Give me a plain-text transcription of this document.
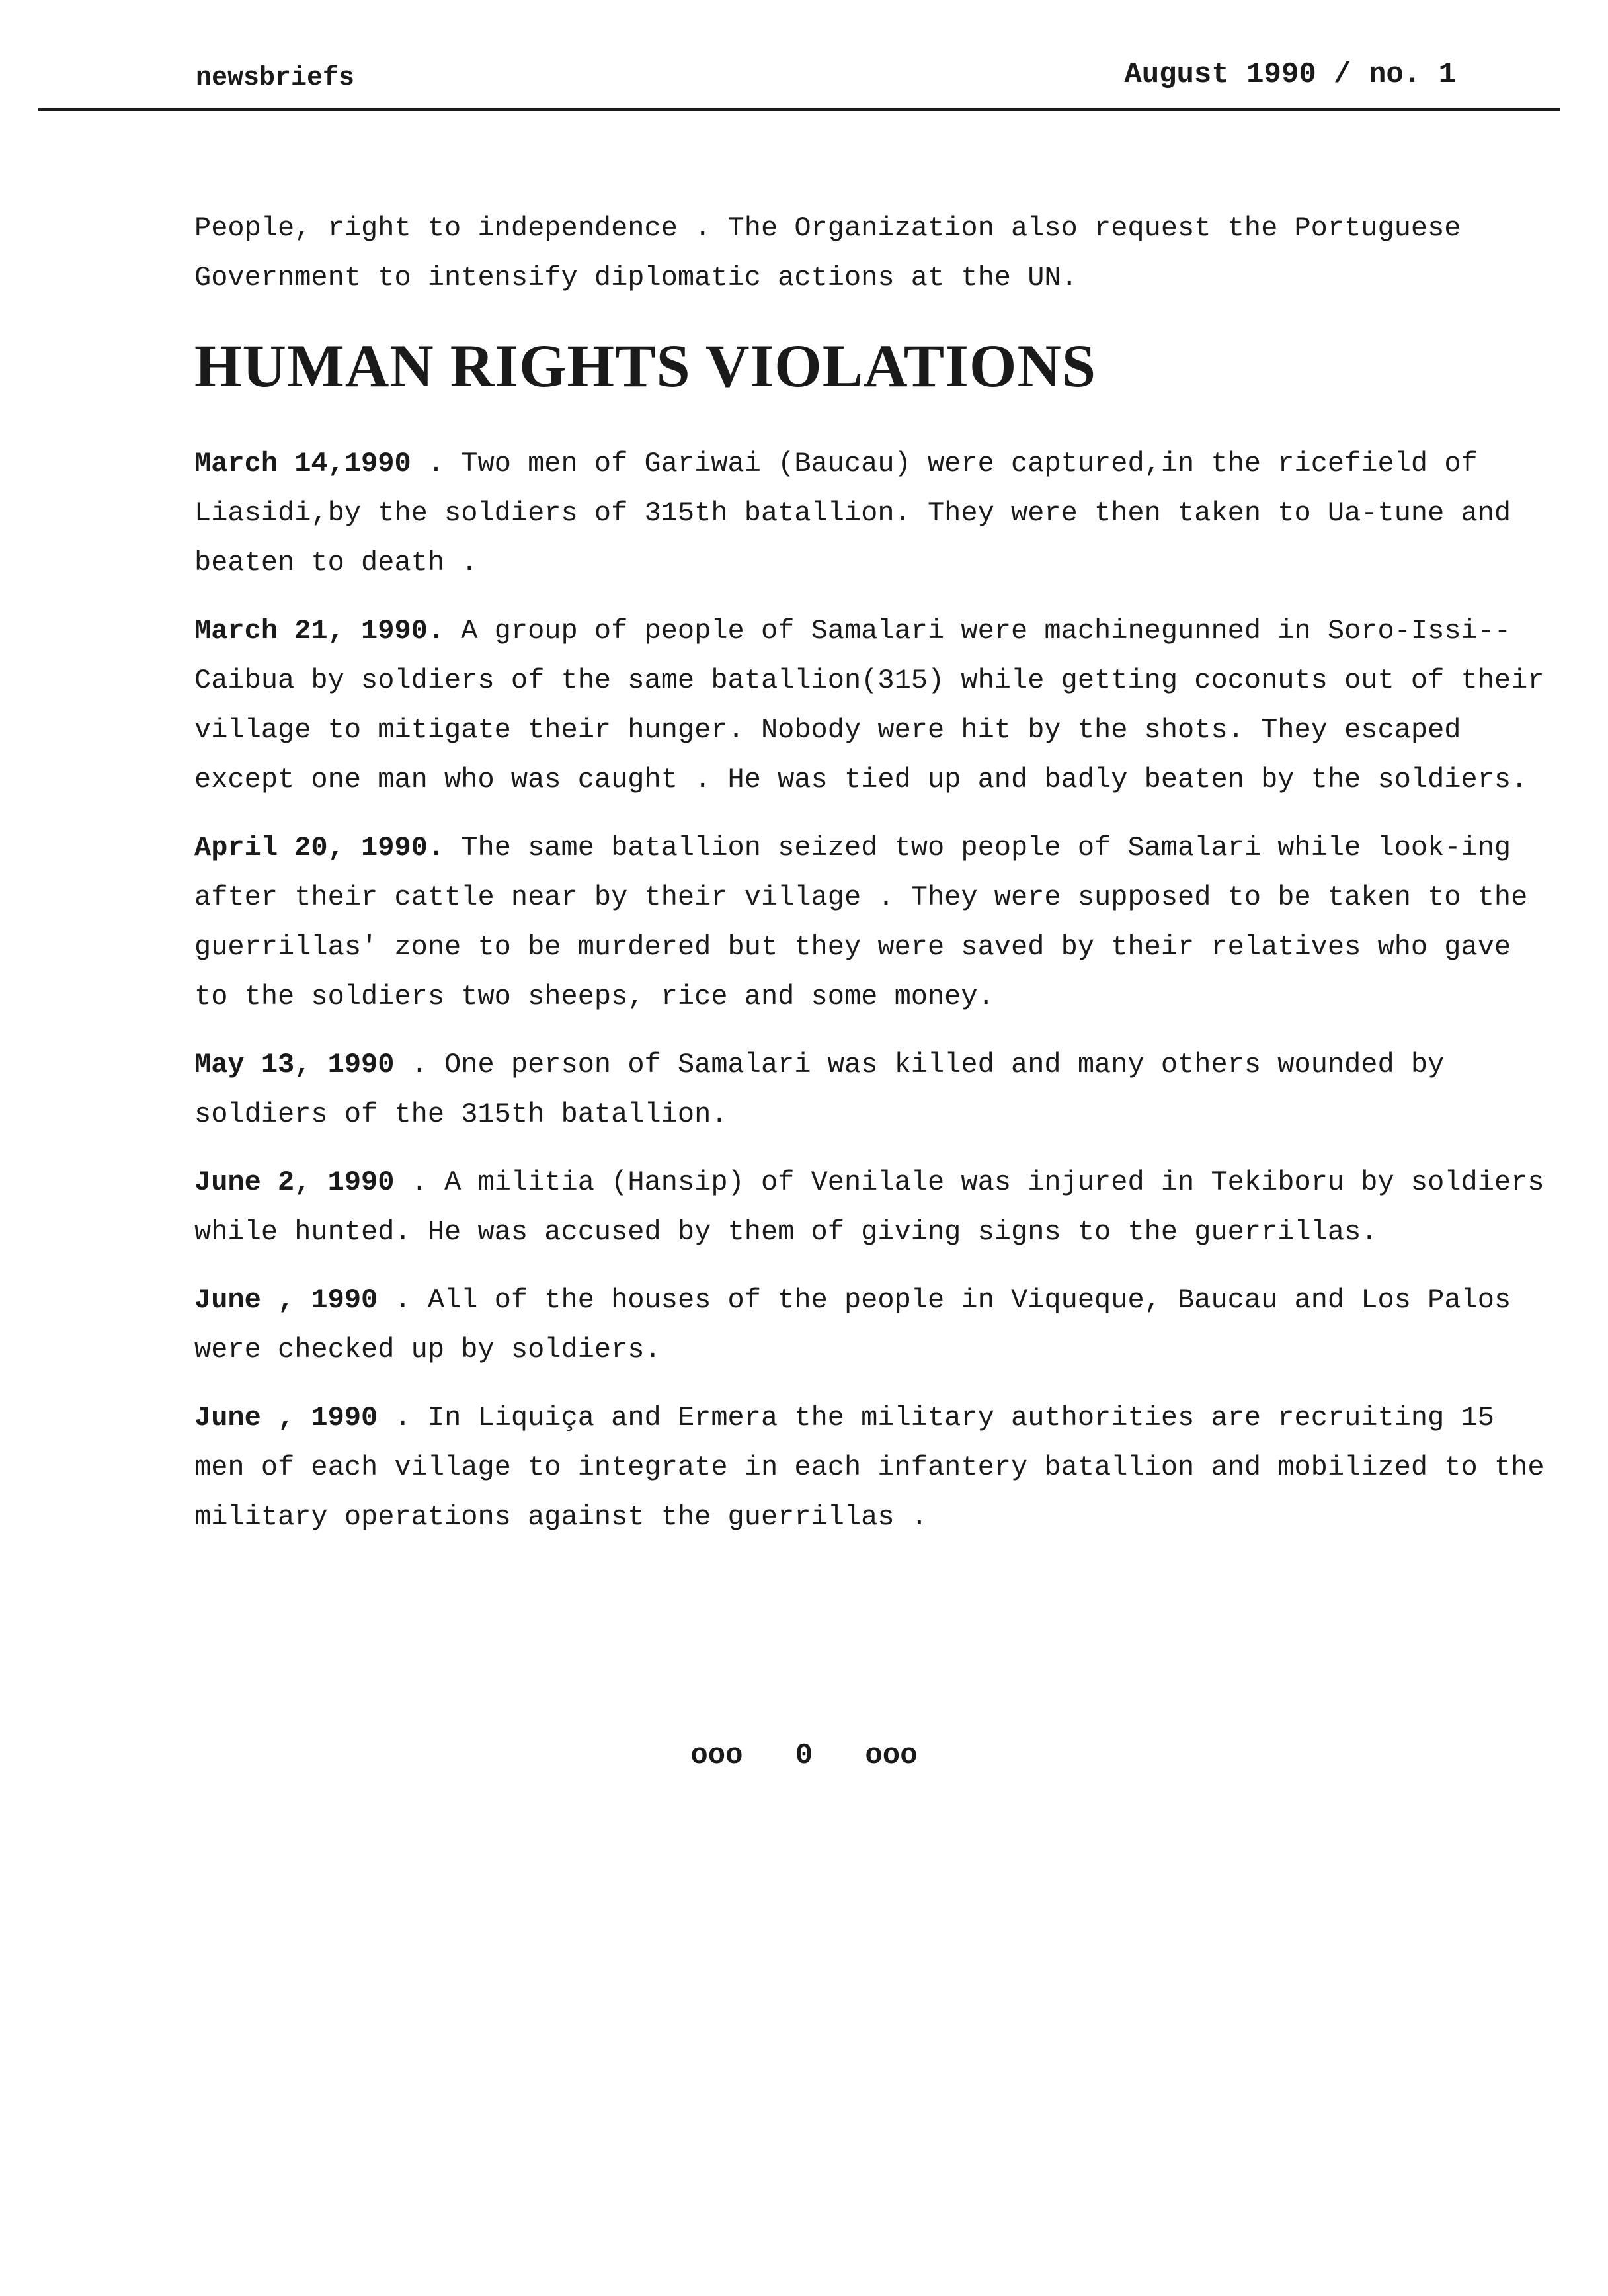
newsbriefs	August 1990 / no. 1

People, right to independence . The Organization also request the Portuguese Government to intensify diplomatic actions at the UN.

HUMAN RIGHTS VIOLATIONS

March 14,1990 . Two men of Gariwai (Baucau) were captured,in the ricefield of Liasidi,by the soldiers of 315th batallion. They were then taken to Ua-tune and beaten to death .

March 21, 1990. A group of people of Samalari were machinegunned in Soro-Issi--Caibua by soldiers of the same batallion(315) while getting coconuts out of their village to mitigate their hunger. Nobody were hit by the shots. They escaped except one man who was caught . He was tied up and badly beaten by the soldiers.

April 20, 1990. The same batallion seized two people of Samalari while look-ing after their cattle near by their village . They were supposed to be taken to the guerrillas' zone to be murdered but they were saved by their relatives who gave to the soldiers two sheeps, rice and some money.

May 13, 1990 . One person of Samalari was killed and many others wounded by soldiers of the 315th batallion.

June 2, 1990 . A militia (Hansip) of Venilale was injured in Tekiboru by soldiers while hunted. He was accused by them of giving signs to the guerrillas.

June , 1990 . All of the houses of the people in Viqueque, Baucau and Los Palos were checked up by soldiers.

June , 1990 . In Liquiça and Ermera the military authorities are recruiting 15 men of each village to integrate in each infantery batallion and mobilized to the military operations against the guerrillas .

ooo   0   ooo
